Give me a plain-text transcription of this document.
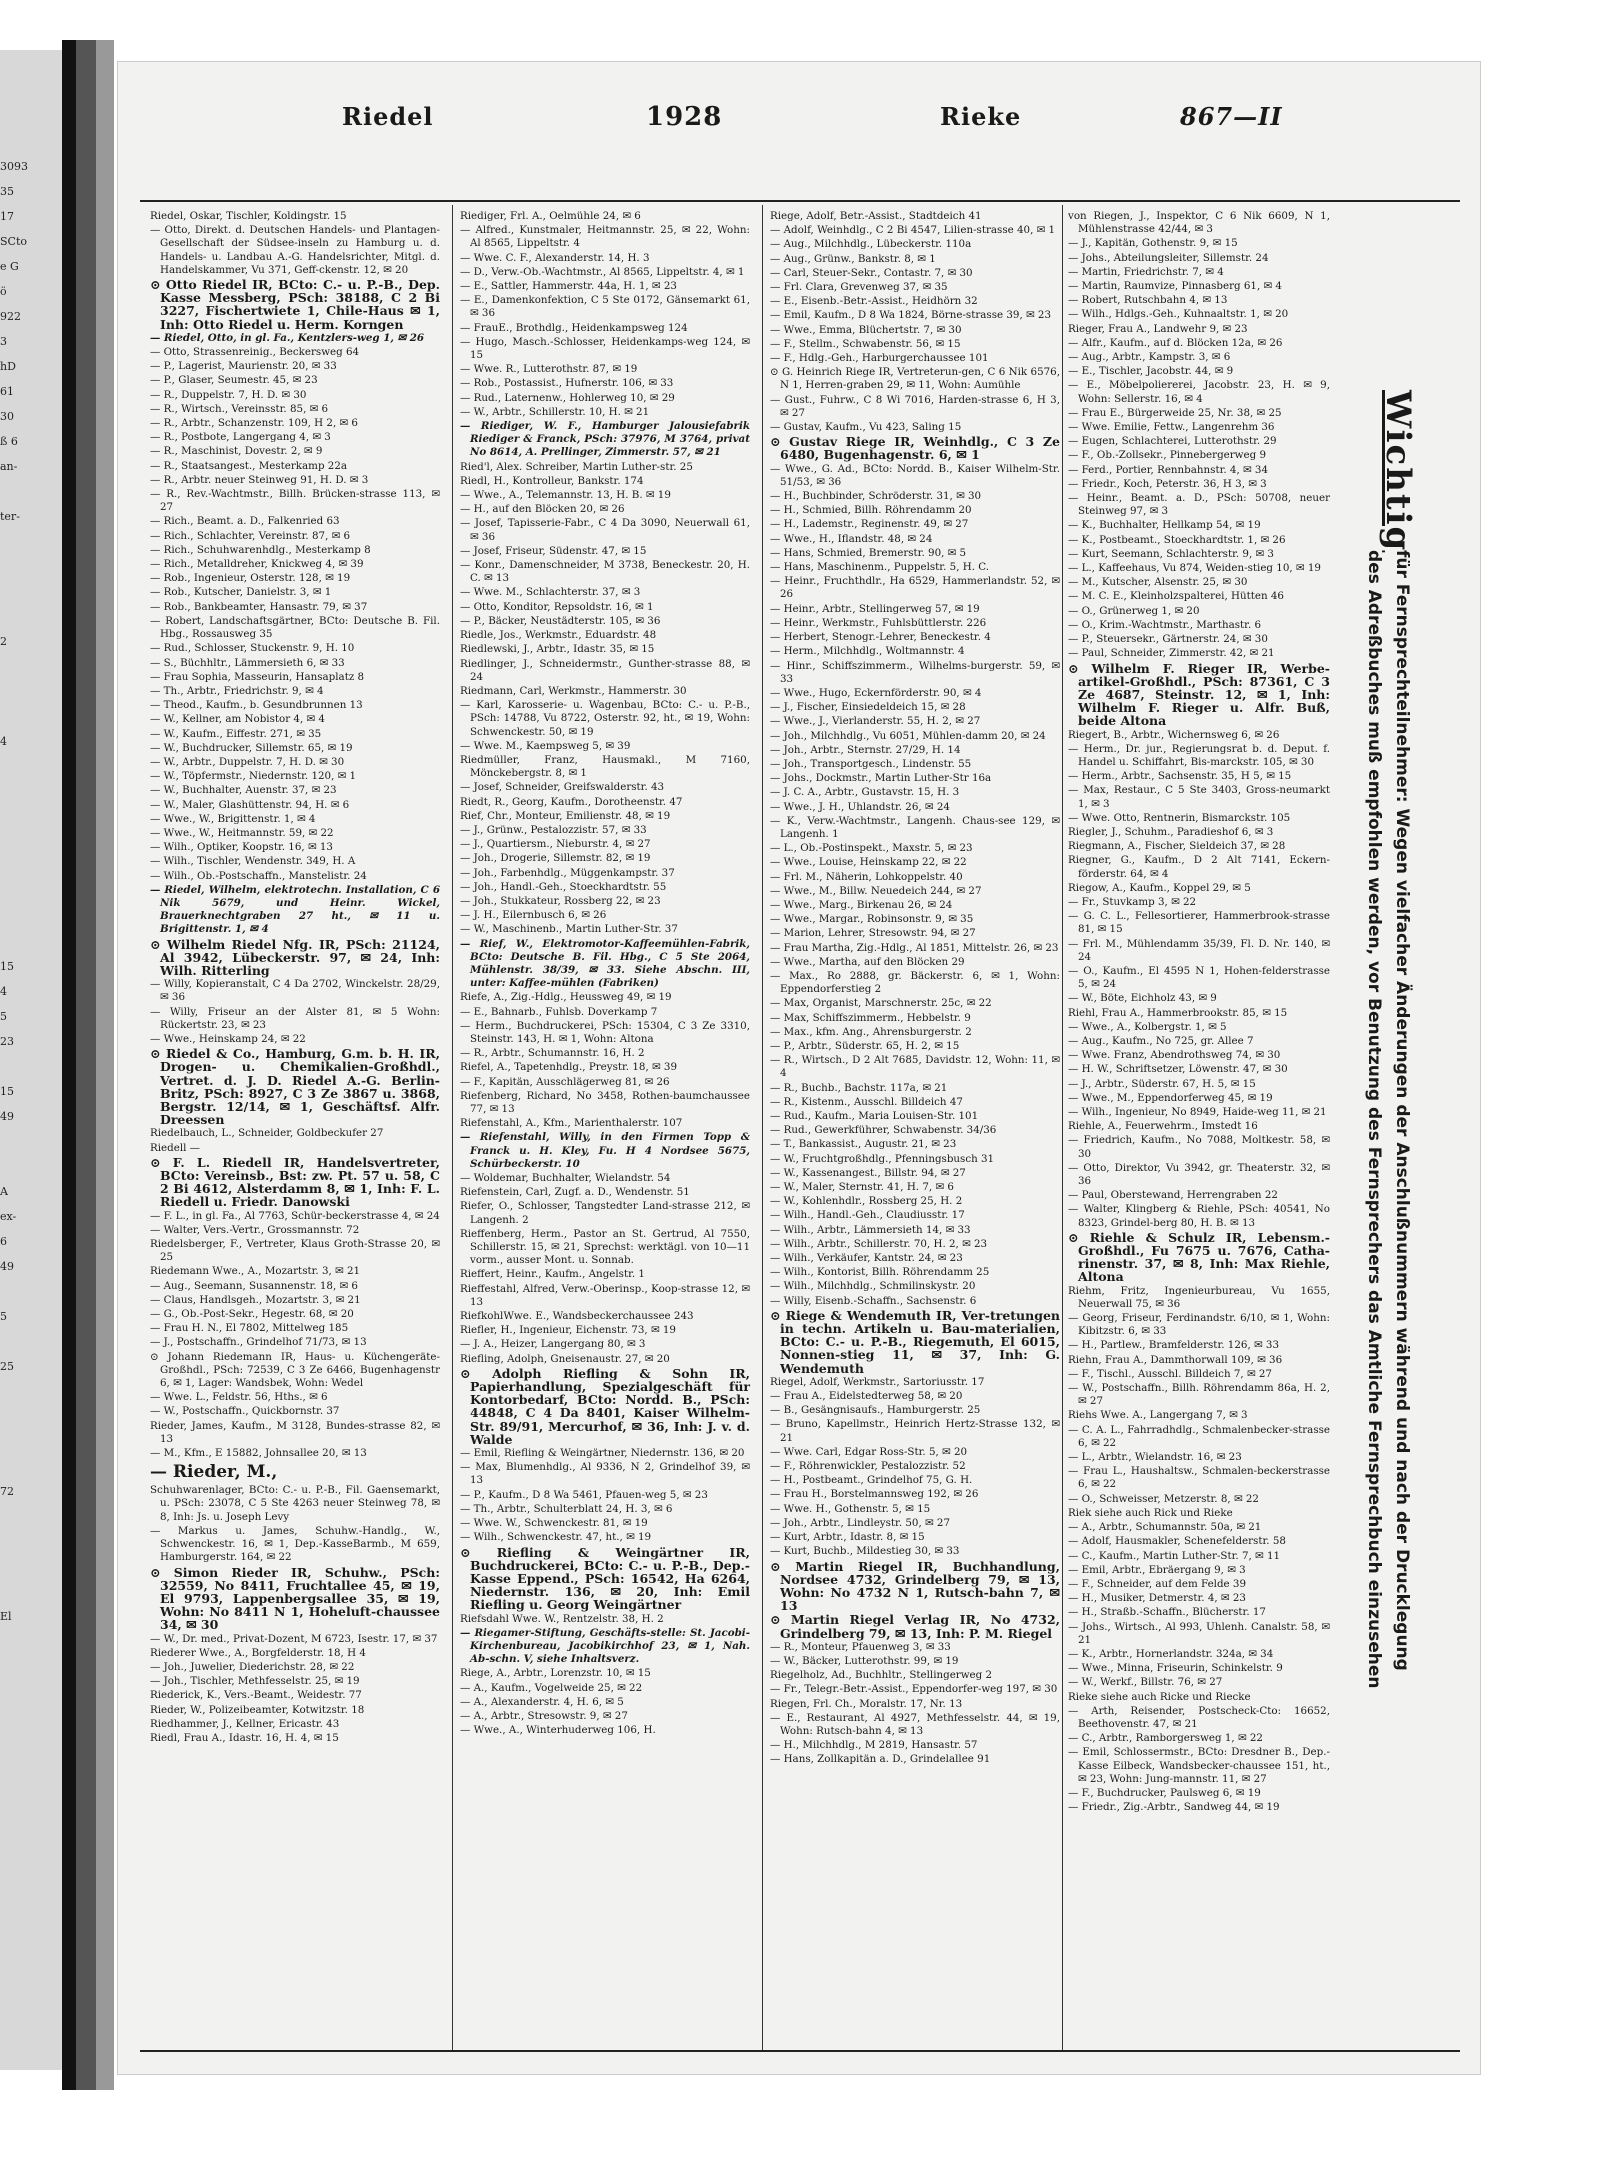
3093
35
17
SCto
e G
ö
922
3
hD
61
30
ß 6
an-
ter-
2
4
15
4
5
23
15
49
A
ex-
6
49
5
25
72
El
Riedel	1928	Rieke	867—II
Riedel, Oskar, Tischler, Koldingstr. 15
— Otto, Direkt. d. Deutschen Handels- und Plantagen-Gesellschaft der Südsee-inseln zu Hamburg u. d. Handels- u. Landbau A.-G. Handelsrichter, Mitgl. d. Handelskammer, Vu 371, Geff-ckenstr. 12, ✉ 20
⊙ Otto Riedel IR, BCto: C.- u. P.-B., Dep. Kasse Messberg, PSch: 38188, C 2 Bi 3227, Fischertwiete 1, Chile-Haus ✉ 1, Inh: Otto Riedel u. Herm. Korngen
— Riedel, Otto, in gl. Fa., Kentzlers-weg 1, ✉ 26
— Otto, Strassenreinig., Beckersweg 64
— P., Lagerist, Maurienstr. 20, ✉ 33
— P., Glaser, Seumestr. 45, ✉ 23
— R., Duppelstr. 7, H. D. ✉ 30
— R., Wirtsch., Vereinsstr. 85, ✉ 6
— R., Arbtr., Schanzenstr. 109, H 2, ✉ 6
— R., Postbote, Langergang 4, ✉ 3
— R., Maschinist, Dovestr. 2, ✉ 9
— R., Staatsangest., Mesterkamp 22a
— R., Arbtr. neuer Steinweg 91, H. D. ✉ 3
— R., Rev.-Wachtmstr., Billh. Brücken-strasse 113, ✉ 27
— Rich., Beamt. a. D., Falkenried 63
— Rich., Schlachter, Vereinstr. 87, ✉ 6
— Rich., Schuhwarenhdlg., Mesterkamp 8
— Rich., Metalldreher, Knickweg 4, ✉ 39
— Rob., Ingenieur, Osterstr. 128, ✉ 19
— Rob., Kutscher, Danielstr. 3, ✉ 1
— Rob., Bankbeamter, Hansastr. 79, ✉ 37
— Robert, Landschaftsgärtner, BCto: Deutsche B. Fil. Hbg., Rossausweg 35
— Rud., Schlosser, Stuckenstr. 9, H. 10
— S., Büchhltr., Lämmersieth 6, ✉ 33
— Frau Sophia, Masseurin, Hansaplatz 8
— Th., Arbtr., Friedrichstr. 9, ✉ 4
— Theod., Kaufm., b. Gesundbrunnen 13
— W., Kellner, am Nobistor 4, ✉ 4
— W., Kaufm., Eiffestr. 271, ✉ 35
— W., Buchdrucker, Sillemstr. 65, ✉ 19
— W., Arbtr., Duppelstr. 7, H. D. ✉ 30
— W., Töpfermstr., Niedernstr. 120, ✉ 1
— W., Buchhalter, Auenstr. 37, ✉ 23
— W., Maler, Glashüttenstr. 94, H. ✉ 6
— Wwe., W., Brigittenstr. 1, ✉ 4
— Wwe., W., Heitmannstr. 59, ✉ 22
— Wilh., Optiker, Koopstr. 16, ✉ 13
— Wilh., Tischler, Wendenstr. 349, H. A
— Wilh., Ob.-Postschaffn., Manstelistr. 24
— Riedel, Wilhelm, elektrotechn. Installation, C 6 Nik 5679, und Heinr. Wickel, Brauerknechtgraben 27 ht., ✉ 11 u. Brigittenstr. 1, ✉ 4
⊙ Wilhelm Riedel Nfg. IR, PSch: 21124, Al 3942, Lübeckerstr. 97, ✉ 24, Inh: Wilh. Ritterling
— Willy, Kopieranstalt, C 4 Da 2702, Winckelstr. 28/29, ✉ 36
— Willy, Friseur an der Alster 81, ✉ 5 Wohn: Rückertstr. 23, ✉ 23
— Wwe., Heinskamp 24, ✉ 22
⊙ Riedel & Co., Hamburg, G.m. b. H. IR, Drogen- u. Chemikalien-Großhdl., Vertret. d. J. D. Riedel A.-G. Berlin-Britz, PSch: 8927, C 3 Ze 3867 u. 3868, Bergstr. 12/14, ✉ 1, Geschäftsf. Alfr. Dreessen
Riedelbauch, L., Schneider, Goldbeckufer 27
Riedell —
⊙ F. L. Riedell IR, Handelsvertreter, BCto: Vereinsb., Bst: zw. Pt. 57 u. 58, C 2 Bi 4612, Alsterdamm 8, ✉ 1, Inh: F. L. Riedell u. Friedr. Danowski
— F. L., in gl. Fa., Al 7763, Schür-beckerstrasse 4, ✉ 24
— Walter, Vers.-Vertr., Grossmannstr. 72
Riedelsberger, F., Vertreter, Klaus Groth-Strasse 20, ✉ 25
Riedemann Wwe., A., Mozartstr. 3, ✉ 21
— Aug., Seemann, Susannenstr. 18, ✉ 6
— Claus, Handlsgeh., Mozartstr. 3, ✉ 21
— G., Ob.-Post-Sekr., Hegestr. 68, ✉ 20
— Frau H. N., El 7802, Mittelweg 185
— J., Postschaffn., Grindelhof 71/73, ✉ 13
⊙ Johann Riedemann IR, Haus- u. Küchengeräte-Großhdl., PSch: 72539, C 3 Ze 6466, Bugenhagenstr 6, ✉ 1, Lager: Wandsbek, Wohn: Wedel
— Wwe. L., Feldstr. 56, Hths., ✉ 6
— W., Postschaffn., Quickbornstr. 37
Rieder, James, Kaufm., M 3128, Bundes-strasse 82, ✉ 13
— M., Kfm., E 15882, Johnsallee 20, ✉ 13
— Rieder, M.,
Schuhwarenlager, BCto: C.- u. P.-B., Fil. Gaensemarkt, u. PSch: 23078, C 5 Ste 4263 neuer Steinweg 78, ✉ 8, Inh: Js. u. Joseph Levy
— Markus u. James, Schuhw.-Handlg., W., Schwenckestr. 16, ✉ 1, Dep.-KasseBarmb., M 659, Hamburgerstr. 164, ✉ 22
⊙ Simon Rieder IR, Schuhw., PSch: 32559, No 8411, Fruchtallee 45, ✉ 19, El 9793, Lappenbergsallee 35, ✉ 19, Wohn: No 8411 N 1, Hoheluft-chaussee 34, ✉ 30
— W., Dr. med., Privat-Dozent, M 6723, Isestr. 17, ✉ 37
Riederer Wwe., A., Borgfelderstr. 18, H 4
— Joh., Juwelier, Diederichstr. 28, ✉ 22
— Joh., Tischler, Methfesselstr. 25, ✉ 19
Riederick, K., Vers.-Beamt., Weidestr. 77
Rieder, W., Polizeibeamter, Kotwitzstr. 18
Riedhammer, J., Kellner, Ericastr. 43
Riedl, Frau A., Idastr. 16, H. 4, ✉ 15
Riediger, Frl. A., Oelmühle 24, ✉ 6
— Alfred., Kunstmaler, Heitmannstr. 25, ✉ 22, Wohn: Al 8565, Lippeltstr. 4
— Wwe. C. F., Alexanderstr. 14, H. 3
— D., Verw.-Ob.-Wachtmstr., Al 8565, Lippeltstr. 4, ✉ 1
— E., Sattler, Hammerstr. 44a, H. 1, ✉ 23
— E., Damenkonfektion, C 5 Ste 0172, Gänsemarkt 61, ✉ 36
— FrauE., Brothdlg., Heidenkampsweg 124
— Hugo, Masch.-Schlosser, Heidenkamps-weg 124, ✉ 15
— Wwe. R., Lutterothstr. 87, ✉ 19
— Rob., Postassist., Hufnerstr. 106, ✉ 33
— Rud., Laternenw., Hohlerweg 10, ✉ 29
— W., Arbtr., Schillerstr. 10, H. ✉ 21
— Riediger, W. F., Hamburger Jalousiefabrik Riediger & Franck, PSch: 37976, M 3764, privat No 8614, A. Prellinger, Zimmerstr. 57, ✉ 21
Ried'l, Alex. Schreiber, Martin Luther-str. 25
Riedl, H., Kontrolleur, Bankstr. 174
— Wwe., A., Telemannstr. 13, H. B. ✉ 19
— H., auf den Blöcken 20, ✉ 26
— Josef, Tapisserie-Fabr., C 4 Da 3090, Neuerwall 61, ✉ 36
— Josef, Friseur, Südenstr. 47, ✉ 15
— Konr., Damenschneider, M 3738, Beneckestr. 20, H. C. ✉ 13
— Wwe. M., Schlachterstr. 37, ✉ 3
— Otto, Konditor, Repsoldstr. 16, ✉ 1
— P., Bäcker, Neustädterstr. 105, ✉ 36
Riedle, Jos., Werkmstr., Eduardstr. 48
Riedlewski, J., Arbtr., Idastr. 35, ✉ 15
Riedlinger, J., Schneidermstr., Gunther-strasse 88, ✉ 24
Riedmann, Carl, Werkmstr., Hammerstr. 30
— Karl, Karosserie- u. Wagenbau, BCto: C.- u. P.-B., PSch: 14788, Vu 8722, Osterstr. 92, ht., ✉ 19, Wohn: Schwenckestr. 50, ✉ 19
— Wwe. M., Kaempsweg 5, ✉ 39
Riedmüller, Franz, Hausmakl., M 7160, Mönckebergstr. 8, ✉ 1
— Josef, Schneider, Greifswalderstr. 43
Riedt, R., Georg, Kaufm., Dorotheenstr. 47
Rief, Chr., Monteur, Emilienstr. 48, ✉ 19
— J., Grünw., Pestalozzistr. 57, ✉ 33
— J., Quartiersm., Nieburstr. 4, ✉ 27
— Joh., Drogerie, Sillemstr. 82, ✉ 19
— Joh., Farbenhdlg., Müggenkampstr. 37
— Joh., Handl.-Geh., Stoeckhardtstr. 55
— Joh., Stukkateur, Rossberg 22, ✉ 23
— J. H., Eilernbusch 6, ✉ 26
— W., Maschinenb., Martin Luther-Str. 37
— Rief, W., Elektromotor-Kaffeemühlen-Fabrik, BCto: Deutsche B. Fil. Hbg., C 5 Ste 2064, Mühlenstr. 38/39, ✉ 33. Siehe Abschn. III, unter: Kaffee-mühlen (Fabriken)
Riefe, A., Zig.-Hdlg., Heussweg 49, ✉ 19
— E., Bahnarb., Fuhlsb. Doverkamp 7
— Herm., Buchdruckerei, PSch: 15304, C 3 Ze 3310, Steinstr. 143, H. ✉ 1, Wohn: Altona
— R., Arbtr., Schumannstr. 16, H. 2
Riefel, A., Tapetenhdlg., Preystr. 18, ✉ 39
— F., Kapitän, Ausschlägerweg 81, ✉ 26
Riefenberg, Richard, No 3458, Rothen-baumchaussee 77, ✉ 13
Riefenstahl, A., Kfm., Marienthalerstr. 107
— Riefenstahl, Willy, in den Firmen Topp & Franck u. H. Kley, Fu. H 4 Nordsee 5675, Schürbeckerstr. 10
— Woldemar, Buchhalter, Wielandstr. 54
Riefenstein, Carl, Zugf. a. D., Wendenstr. 51
Riefer, O., Schlosser, Tangstedter Land-strasse 212, ✉ Langenh. 2
Rieffenberg, Herm., Pastor an St. Gertrud, Al 7550, Schillerstr. 15, ✉ 21, Sprechst: werktägl. von 10—11 vorm., ausser Mont. u. Sonnab.
Rieffert, Heinr., Kaufm., Angelstr. 1
Rieffestahl, Alfred, Verw.-Oberinsp., Koop-strasse 12, ✉ 13
RiefkohlWwe. E., Wandsbeckerchaussee 243
Riefler, H., Ingenieur, Eichenstr. 73, ✉ 19
— J. A., Heizer, Langergang 80, ✉ 3
Riefling, Adolph, Gneisenaustr. 27, ✉ 20
⊙ Adolph Riefling & Sohn IR, Papierhandlung, Spezialgeschäft für Kontorbedarf, BCto: Nordd. B., PSch: 44848, C 4 Da 8401, Kaiser Wilhelm-Str. 89/91, Mercurhof, ✉ 36, Inh: J. v. d. Walde
— Emil, Riefling & Weingärtner, Niedernstr. 136, ✉ 20
— Max, Blumenhdlg., Al 9336, N 2, Grindelhof 39, ✉ 13
— P., Kaufm., D 8 Wa 5461, Pfauen-weg 5, ✉ 23
— Th., Arbtr., Schulterblatt 24, H. 3, ✉ 6
— Wwe. W., Schwenckestr. 81, ✉ 19
— Wilh., Schwenckestr. 47, ht., ✉ 19
⊙ Riefling & Weingärtner IR, Buchdruckerei, BCto: C.- u. P.-B., Dep.-Kasse Eppend., PSch: 16542, Ha 6264, Niedernstr. 136, ✉ 20, Inh: Emil Riefling u. Georg Weingärtner
Riefsdahl Wwe. W., Rentzelstr. 38, H. 2
— Riegamer-Stiftung, Geschäfts-stelle: St. Jacobi-Kirchenbureau, Jacobikirchhof 23, ✉ 1, Nah. Ab-schn. V, siehe Inhaltsverz.
Riege, A., Arbtr., Lorenzstr. 10, ✉ 15
— A., Kaufm., Vogelweide 25, ✉ 22
— A., Alexanderstr. 4, H. 6, ✉ 5
— A., Arbtr., Stresowstr. 9, ✉ 27
— Wwe., A., Winterhuderweg 106, H.
Riege, Adolf, Betr.-Assist., Stadtdeich 41
— Adolf, Weinhdlg., C 2 Bi 4547, Lilien-strasse 40, ✉ 1
— Aug., Milchhdlg., Lübeckerstr. 110a
— Aug., Grünw., Bankstr. 8, ✉ 1
— Carl, Steuer-Sekr., Contastr. 7, ✉ 30
— Frl. Clara, Grevenweg 37, ✉ 35
— E., Eisenb.-Betr.-Assist., Heidhörn 32
— Emil, Kaufm., D 8 Wa 1824, Börne-strasse 39, ✉ 23
— Wwe., Emma, Blüchertstr. 7, ✉ 30
— F., Stellm., Schwabenstr. 56, ✉ 15
— F., Hdlg.-Geh., Harburgerchaussee 101
⊙ G. Heinrich Riege IR, Vertreterun-gen, C 6 Nik 6576, N 1, Herren-graben 29, ✉ 11, Wohn: Aumühle
— Gust., Fuhrw., C 8 Wi 7016, Harden-strasse 6, H 3, ✉ 27
— Gustav, Kaufm., Vu 423, Saling 15
⊙ Gustav Riege IR, Weinhdlg., C 3 Ze 6480, Bugenhagenstr. 6, ✉ 1
— Wwe., G. Ad., BCto: Nordd. B., Kaiser Wilhelm-Str. 51/53, ✉ 36
— H., Buchbinder, Schröderstr. 31, ✉ 30
— H., Schmied, Billh. Röhrendamm 20
— H., Lademstr., Reginenstr. 49, ✉ 27
— Wwe., H., Iflandstr. 48, ✉ 24
— Hans, Schmied, Bremerstr. 90, ✉ 5
— Hans, Maschinenm., Puppelstr. 5, H. C.
— Heinr., Fruchthdlr., Ha 6529, Hammerlandstr. 52, ✉ 26
— Heinr., Arbtr., Stellingerweg 57, ✉ 19
— Heinr., Werkmstr., Fuhlsbüttlerstr. 226
— Herbert, Stenogr.-Lehrer, Beneckestr. 4
— Herm., Milchhdlg., Woltmannstr. 4
— Hinr., Schiffszimmerm., Wilhelms-burgerstr. 59, ✉ 33
— Wwe., Hugo, Eckernförderstr. 90, ✉ 4
— J., Fischer, Einsiedeldeich 15, ✉ 28
— Wwe., J., Vierlanderstr. 55, H. 2, ✉ 27
— Joh., Milchhdlg., Vu 6051, Mühlen-damm 20, ✉ 24
— Joh., Arbtr., Sternstr. 27/29, H. 14
— Joh., Transportgesch., Lindenstr. 55
— Johs., Dockmstr., Martin Luther-Str 16a
— J. C. A., Arbtr., Gustavstr. 15, H. 3
— Wwe., J. H., Uhlandstr. 26, ✉ 24
— K., Verw.-Wachtmstr., Langenh. Chaus-see 129, ✉ Langenh. 1
— L., Ob.-Postinspekt., Maxstr. 5, ✉ 23
— Wwe., Louise, Heinskamp 22, ✉ 22
— Frl. M., Näherin, Lohkoppelstr. 40
— Wwe., M., Billw. Neuedeich 244, ✉ 27
— Wwe., Marg., Birkenau 26, ✉ 24
— Wwe., Margar., Robinsonstr. 9, ✉ 35
— Marion, Lehrer, Stresowstr. 94, ✉ 27
— Frau Martha, Zig.-Hdlg., Al 1851, Mittelstr. 26, ✉ 23
— Wwe., Martha, auf den Blöcken 29
— Max., Ro 2888, gr. Bäckerstr. 6, ✉ 1, Wohn: Eppendorferstieg 2
— Max, Organist, Marschnerstr. 25c, ✉ 22
— Max, Schiffszimmerm., Hebbelstr. 9
— Max., kfm. Ang., Ahrensburgerstr. 2
— P., Arbtr., Süderstr. 65, H. 2, ✉ 15
— R., Wirtsch., D 2 Alt 7685, Davidstr. 12, Wohn: 11, ✉ 4
— R., Buchb., Bachstr. 117a, ✉ 21
— R., Kistenm., Ausschl. Billdeich 47
— Rud., Kaufm., Maria Louisen-Str. 101
— Rud., Gewerkführer, Schwabenstr. 34/36
— T., Bankassist., Augustr. 21, ✉ 23
— W., Fruchtgroßhdlg., Pfenningsbusch 31
— W., Kassenangest., Billstr. 94, ✉ 27
— W., Maler, Sternstr. 41, H. 7, ✉ 6
— W., Kohlenhdlr., Rossberg 25, H. 2
— Wilh., Handl.-Geh., Claudiusstr. 17
— Wilh., Arbtr., Lämmersieth 14, ✉ 33
— Wilh., Arbtr., Schillerstr. 70, H. 2, ✉ 23
— Wilh., Verkäufer, Kantstr. 24, ✉ 23
— Wilh., Kontorist, Billh. Röhrendamm 25
— Wilh., Milchhdlg., Schmilinskystr. 20
— Willy, Eisenb.-Schaffn., Sachsenstr. 6
⊙ Riege & Wendemuth IR, Ver-tretungen in techn. Artikeln u. Bau-materialien, BCto: C.- u. P.-B., Riegemuth, El 6015, Nonnen-stieg 11, ✉ 37, Inh: G. Wendemuth
Riegel, Adolf, Werkmstr., Sartoriusstr. 17
— Frau A., Eidelstedterweg 58, ✉ 20
— B., Gesängnisaufs., Hamburgerstr. 25
— Bruno, Kapellmstr., Heinrich Hertz-Strasse 132, ✉ 21
— Wwe. Carl, Edgar Ross-Str. 5, ✉ 20
— F., Röhrenwickler, Pestalozzistr. 52
— H., Postbeamt., Grindelhof 75, G. H.
— Frau H., Borstelmannsweg 192, ✉ 26
— Wwe. H., Gothenstr. 5, ✉ 15
— Joh., Arbtr., Lindleystr. 50, ✉ 27
— Kurt, Arbtr., Idastr. 8, ✉ 15
— Kurt, Buchb., Mildestieg 30, ✉ 33
⊙ Martin Riegel IR, Buchhandlung, Nordsee 4732, Grindelberg 79, ✉ 13, Wohn: No 4732 N 1, Rutsch-bahn 7, ✉ 13
⊙ Martin Riegel Verlag IR, No 4732, Grindelberg 79, ✉ 13, Inh: P. M. Riegel
— R., Monteur, Pfauenweg 3, ✉ 33
— W., Bäcker, Lutterothstr. 99, ✉ 19
Riegelholz, Ad., Buchhltr., Stellingerweg 2
— Fr., Telegr.-Betr.-Assist., Eppendorfer-weg 197, ✉ 30
Riegen, Frl. Ch., Moralstr. 17, Nr. 13
— E., Restaurant, Al 4927, Methfesselstr. 44, ✉ 19, Wohn: Rutsch-bahn 4, ✉ 13
— H., Milchhdlg., M 2819, Hansastr. 57
— Hans, Zollkapitän a. D., Grindelallee 91
von Riegen, J., Inspektor, C 6 Nik 6609, N 1, Mühlenstrasse 42/44, ✉ 3
— J., Kapitän, Gothenstr. 9, ✉ 15
— Johs., Abteilungsleiter, Sillemstr. 24
— Martin, Friedrichstr. 7, ✉ 4
— Martin, Raumvize, Pinnasberg 61, ✉ 4
— Robert, Rutschbahn 4, ✉ 13
— Wilh., Hdlgs.-Geh., Kuhnaaltstr. 1, ✉ 20
Rieger, Frau A., Landwehr 9, ✉ 23
— Alfr., Kaufm., auf d. Blöcken 12a, ✉ 26
— Aug., Arbtr., Kampstr. 3, ✉ 6
— E., Tischler, Jacobstr. 44, ✉ 9
— E., Möbelpoliererei, Jacobstr. 23, H. ✉ 9, Wohn: Sellerstr. 16, ✉ 4
— Frau E., Bürgerweide 25, Nr. 38, ✉ 25
— Wwe. Emilie, Fettw., Langenrehm 36
— Eugen, Schlachterei, Lutterothstr. 29
— F., Ob.-Zollsekr., Pinnebergerweg 9
— Ferd., Portier, Rennbahnstr. 4, ✉ 34
— Friedr., Koch, Peterstr. 36, H 3, ✉ 3
— Heinr., Beamt. a. D., PSch: 50708, neuer Steinweg 97, ✉ 3
— K., Buchhalter, Hellkamp 54, ✉ 19
— K., Postbeamt., Stoeckhardtstr. 1, ✉ 26
— Kurt, Seemann, Schlachterstr. 9, ✉ 3
— L., Kaffeehaus, Vu 874, Weiden-stieg 10, ✉ 19
— M., Kutscher, Alsenstr. 25, ✉ 30
— M. C. E., Kleinholzspalterei, Hütten 46
— O., Grünerweg 1, ✉ 20
— O., Krim.-Wachtmstr., Marthastr. 6
— P., Steuersekr., Gärtnerstr. 24, ✉ 30
— Paul, Schneider, Zimmerstr. 42, ✉ 21
⊙ Wilhelm F. Rieger IR, Werbe-artikel-Großhdl., PSch: 87361, C 3 Ze 4687, Steinstr. 12, ✉ 1, Inh: Wilhelm F. Rieger u. Alfr. Buß, beide Altona
Riegert, B., Arbtr., Wichernsweg 6, ✉ 26
— Herm., Dr. jur., Regierungsrat b. d. Deput. f. Handel u. Schiffahrt, Bis-marckstr. 105, ✉ 30
— Herm., Arbtr., Sachsenstr. 35, H 5, ✉ 15
— Max, Restaur., C 5 Ste 3403, Gross-neumarkt 1, ✉ 3
— Wwe. Otto, Rentnerin, Bismarckstr. 105
Riegler, J., Schuhm., Paradieshof 6, ✉ 3
Riegmann, A., Fischer, Sieldeich 37, ✉ 28
Riegner, G., Kaufm., D 2 Alt 7141, Eckern-förderstr. 64, ✉ 4
Riegow, A., Kaufm., Koppel 29, ✉ 5
— Fr., Stuvkamp 3, ✉ 22
— G. C. L., Fellesortierer, Hammerbrook-strasse 81, ✉ 15
— Frl. M., Mühlendamm 35/39, Fl. D. Nr. 140, ✉ 24
— O., Kaufm., El 4595 N 1, Hohen-felderstrasse 5, ✉ 24
— W., Böte, Eichholz 43, ✉ 9
Riehl, Frau A., Hammerbrookstr. 85, ✉ 15
— Wwe., A., Kolbergstr. 1, ✉ 5
— Aug., Kaufm., No 725, gr. Allee 7
— Wwe. Franz, Abendrothsweg 74, ✉ 30
— H. W., Schriftsetzer, Löwenstr. 47, ✉ 30
— J., Arbtr., Süderstr. 67, H. 5, ✉ 15
— Wwe., M., Eppendorferweg 45, ✉ 19
— Wilh., Ingenieur, No 8949, Haide-weg 11, ✉ 21
Riehle, A., Feuerwehrm., Imstedt 16
— Friedrich, Kaufm., No 7088, Moltkestr. 58, ✉ 30
— Otto, Direktor, Vu 3942, gr. Theaterstr. 32, ✉ 36
— Paul, Oberstewand, Herrengraben 22
— Walter, Klingberg & Riehle, PSch: 40541, No 8323, Grindel-berg 80, H. B. ✉ 13
⊙ Riehle & Schulz IR, Lebensm.-Großhdl., Fu 7675 u. 7676, Catha-rinenstr. 37, ✉ 8, Inh: Max Riehle, Altona
Riehm, Fritz, Ingenieurbureau, Vu 1655, Neuerwall 75, ✉ 36
— Georg, Friseur, Ferdinandstr. 6/10, ✉ 1, Wohn: Kibitzstr. 6, ✉ 33
— H., Partlew., Bramfelderstr. 126, ✉ 33
Riehn, Frau A., Dammthorwall 109, ✉ 36
— F., Tischl., Ausschl. Billdeich 7, ✉ 27
— W., Postschaffn., Billh. Röhrendamm 86a, H. 2, ✉ 27
Riehs Wwe. A., Langergang 7, ✉ 3
— C. A. L., Fahrradhdlg., Schmalenbecker-strasse 6, ✉ 22
— L., Arbtr., Wielandstr. 16, ✉ 23
— Frau L., Haushaltsw., Schmalen-beckerstrasse 6, ✉ 22
— O., Schweisser, Metzerstr. 8, ✉ 22
Riek siehe auch Rick und Rieke
— A., Arbtr., Schumannstr. 50a, ✉ 21
— Adolf, Hausmakler, Schenefelderstr. 58
— C., Kaufm., Martin Luther-Str. 7, ✉ 11
— Emil, Arbtr., Ebräergang 9, ✉ 3
— F., Schneider, auf dem Felde 39
— H., Musiker, Detmerstr. 4, ✉ 23
— H., Straßb.-Schaffn., Blücherstr. 17
— Johs., Wirtsch., Al 993, Uhlenh. Canalstr. 58, ✉ 21
— K., Arbtr., Hornerlandstr. 324a, ✉ 34
— Wwe., Minna, Friseurin, Schinkelstr. 9
— W., Werkf., Billstr. 76, ✉ 27
Rieke siehe auch Ricke und Riecke
— Arth, Reisender, Postscheck-Cto: 16652, Beethovenstr. 47, ✉ 21
— C., Arbtr., Ramborgersweg 1, ✉ 22
— Emil, Schlossermstr., BCto: Dresdner B., Dep.-Kasse Eilbeck, Wandsbecker-chaussee 151, ht., ✉ 23, Wohn: Jung-mannstr. 11, ✉ 27
— F., Buchdrucker, Paulsweg 6, ✉ 19
— Friedr., Zig.-Arbtr., Sandweg 44, ✉ 19
Wichtig
für Fernsprechteilnehmer: Wegen vielfacher Änderungen der Anschlußnummern während und nach der Drucklegung
des Adreßbuches muß empfohlen werden, vor Benutzung des Fernsprechers das Amtliche Fernsprechbuch einzusehen
